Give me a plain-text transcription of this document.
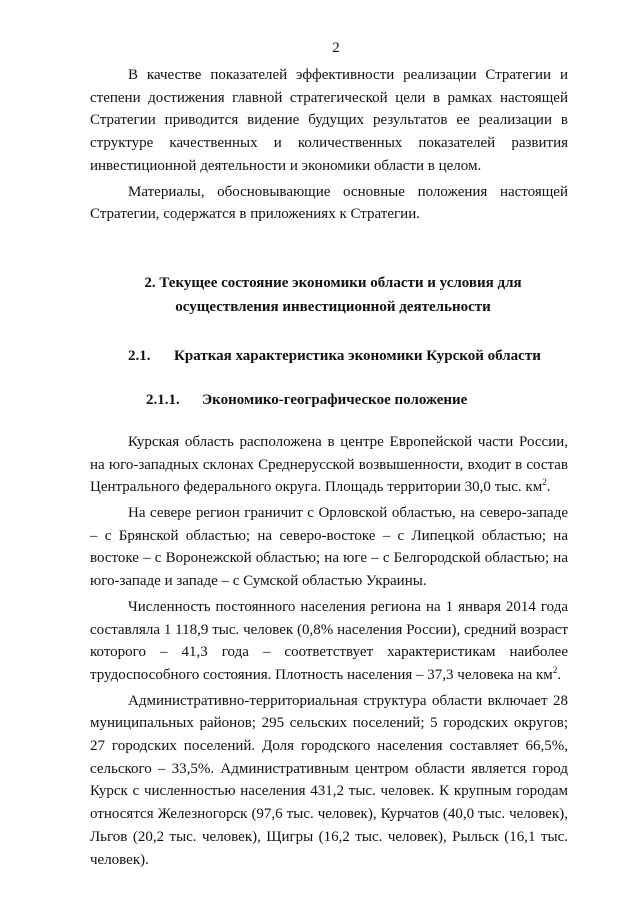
2

В качестве показателей эффективности реализации Стратегии и степени достижения главной стратегической цели в рамках настоящей Стратегии приводится видение будущих результатов ее реализации в структуре качественных и количественных показателей развития инвестиционной деятельности и экономики области в целом.

Материалы, обосновывающие основные положения настоящей Стратегии, содержатся в приложениях к Стратегии.

2. Текущее состояние экономики области и условия для осуществления инвестиционной деятельности
2.1. Краткая характеристика экономики Курской области
2.1.1. Экономико-географическое положение

Курская область расположена в центре Европейской части России, на юго-западных склонах Среднерусской возвышенности, входит в состав Центрального федерального округа. Площадь территории 30,0 тыс. $км^2$.

На севере регион граничит с Орловской областью, на северо-западе – с Брянской областью; на северо-востоке – с Липецкой областью; на востоке – с Воронежской областью; на юге – с Белгородской областью; на юго-западе и западе – с Сумской областью Украины.

Численность постоянного населения региона на 1 января 2014 года составляла 1 118,9 тыс. человек (0,8% населения России), средний возраст которого – 41,3 года – соответствует характеристикам наиболее трудоспособного состояния. Плотность населения – 37,3 человека на $км^2$.

Административно-территориальная структура области включает 28 муниципальных районов; 295 сельских поселений; 5 городских округов; 27 городских поселений. Доля городского населения составляет 66,5%, сельского – 33,5%. Административным центром области является город Курск с численностью населения 431,2 тыс. человек. К крупным городам относятся Железногорск (97,6 тыс. человек), Курчатов (40,0 тыс. человек), Льгов (20,2 тыс. человек), Щигры (16,2 тыс. человек), Рыльск (16,1 тыс. человек).
